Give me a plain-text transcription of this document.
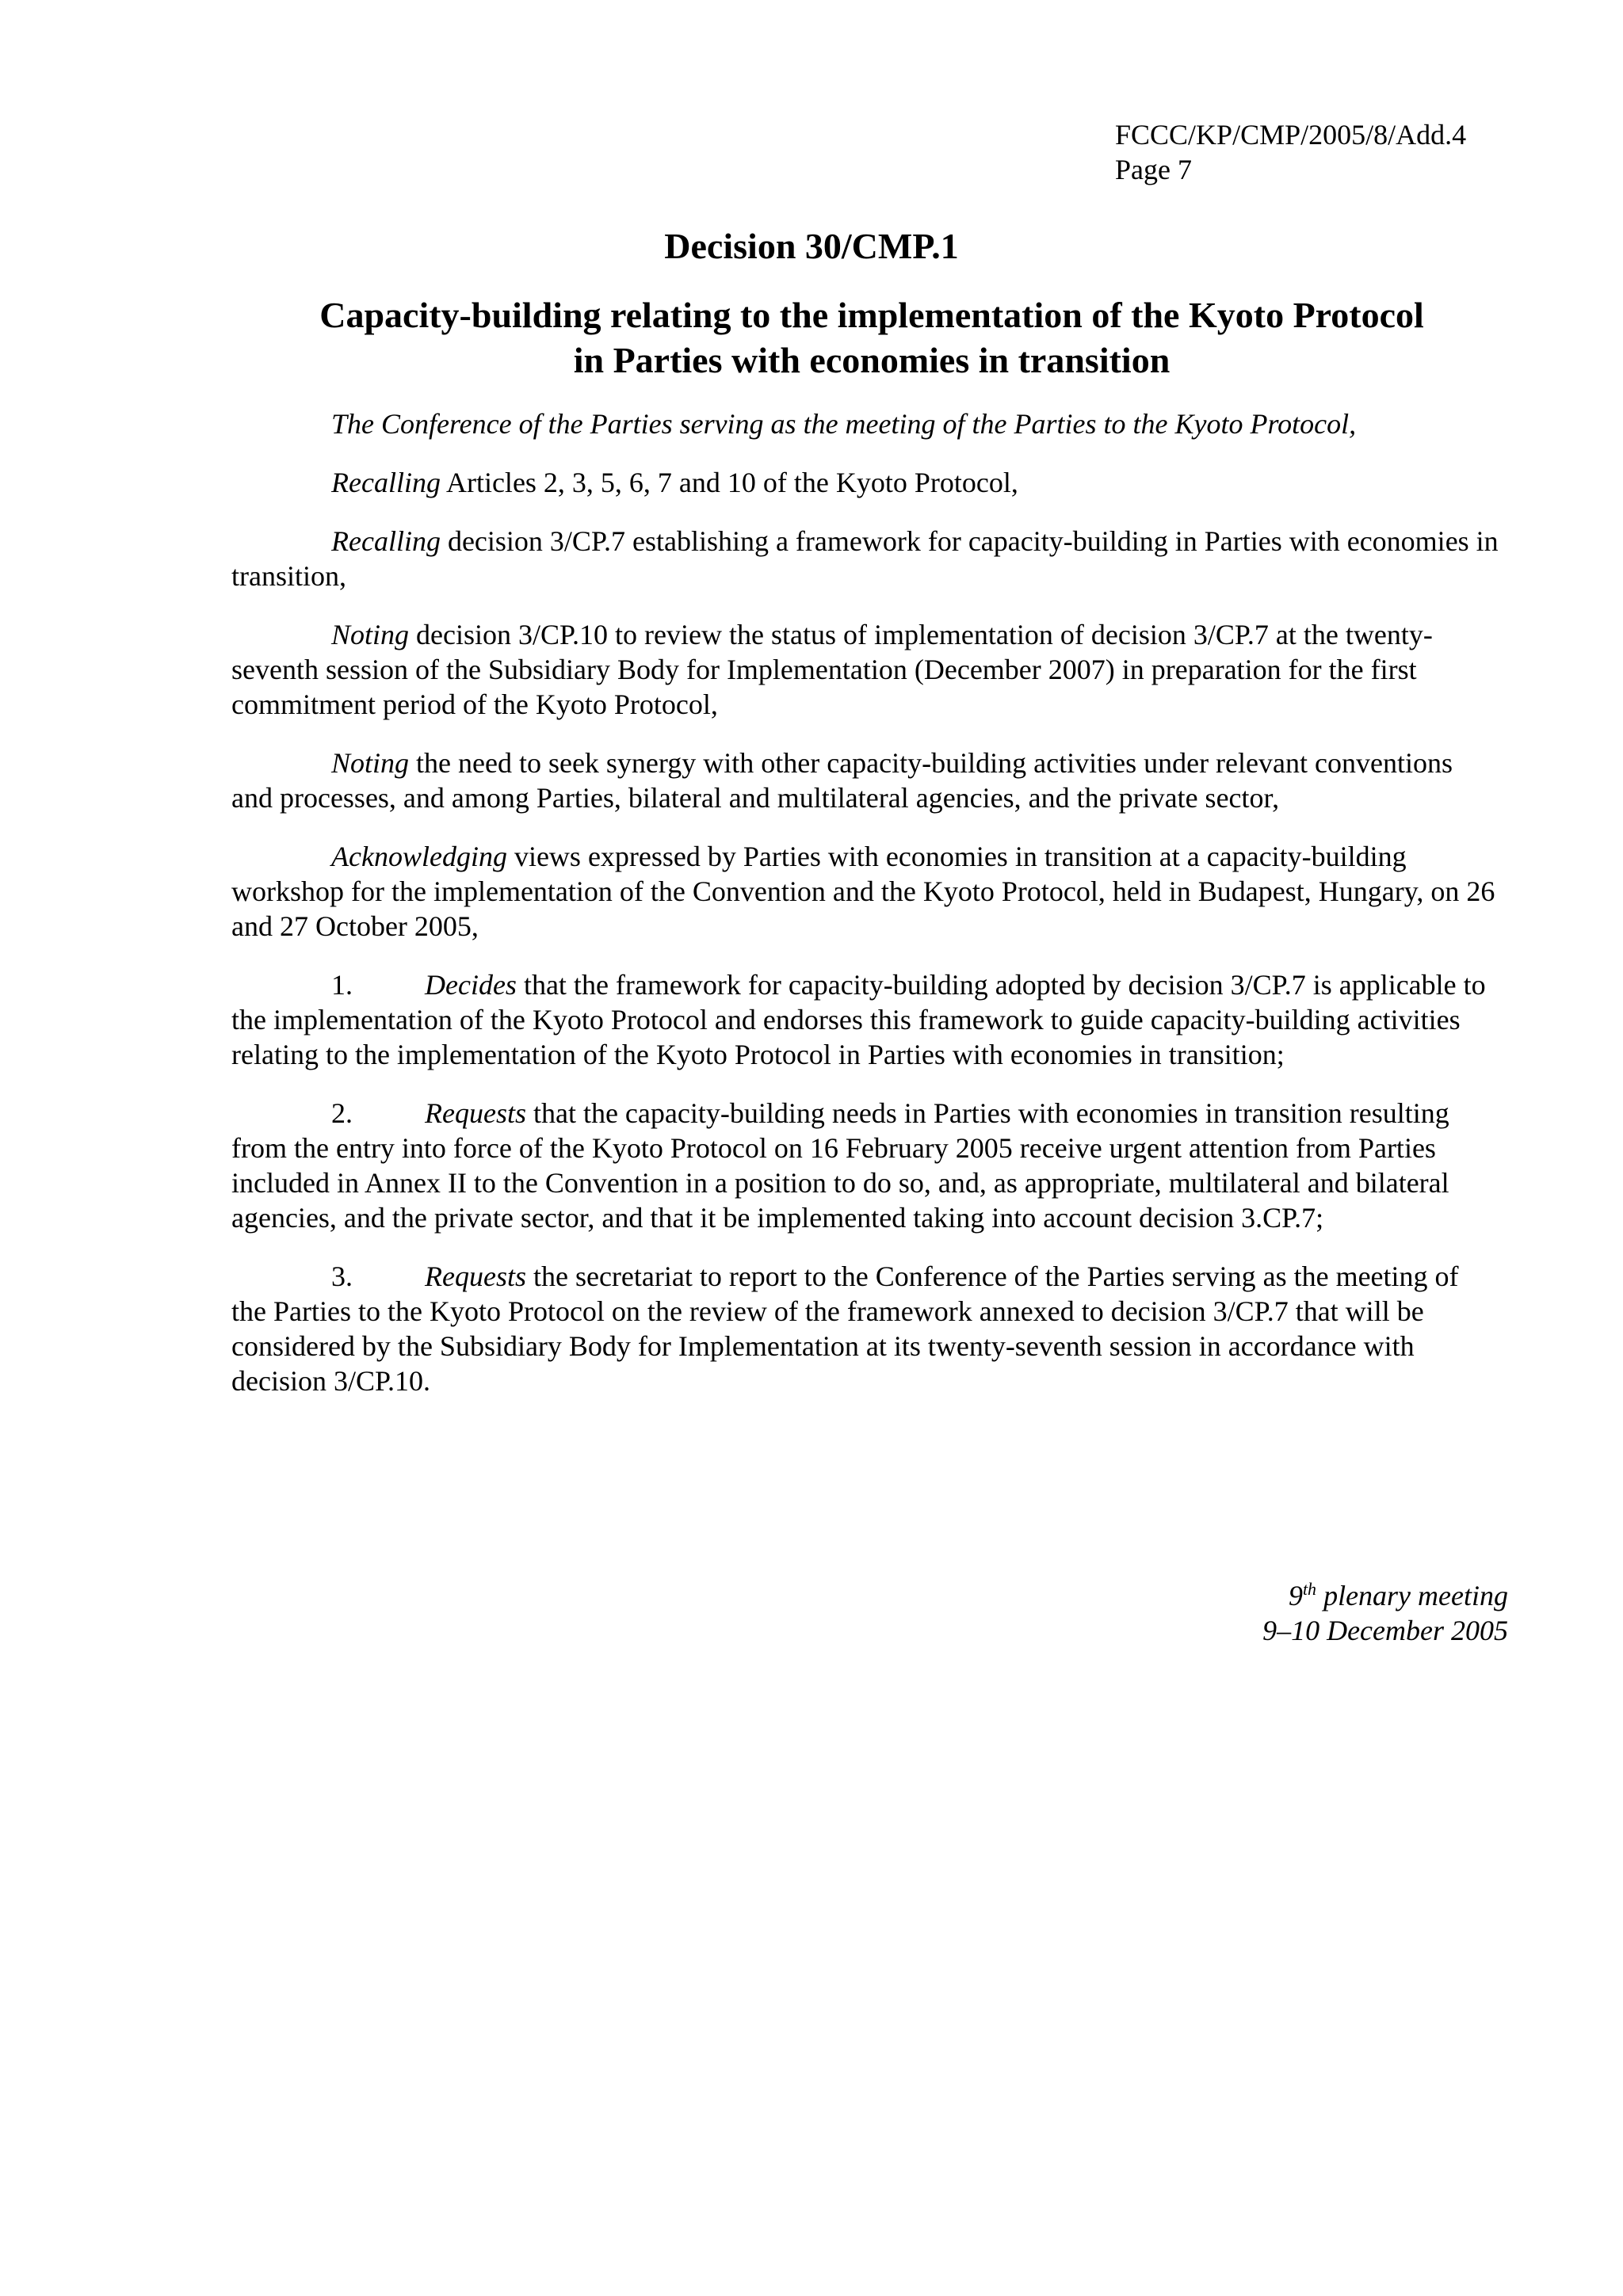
FCCC/KP/CMP/2005/8/Add.4
Page 7
Decision 30/CMP.1
Capacity-building relating to the implementation of the Kyoto Protocol
in Parties with economies in transition
The Conference of the Parties serving as the meeting of the Parties to the Kyoto Protocol,

Recalling Articles 2, 3, 5, 6, 7 and 10 of the Kyoto Protocol,

Recalling decision 3/CP.7 establishing a framework for capacity-building in Parties with economies in transition,

Noting decision 3/CP.10 to review the status of implementation of decision 3/CP.7 at the twenty-seventh session of the Subsidiary Body for Implementation (December 2007) in preparation for the first commitment period of the Kyoto Protocol,

Noting the need to seek synergy with other capacity-building activities under relevant conventions and processes, and among Parties, bilateral and multilateral agencies, and the private sector,

Acknowledging views expressed by Parties with economies in transition at a capacity-building workshop for the implementation of the Convention and the Kyoto Protocol, held in Budapest, Hungary, on 26 and 27 October 2005,

1.	Decides that the framework for capacity-building adopted by decision 3/CP.7 is applicable to the implementation of the Kyoto Protocol and endorses this framework to guide capacity-building activities relating to the implementation of the Kyoto Protocol in Parties with economies in transition;

2.	Requests that the capacity-building needs in Parties with economies in transition resulting from the entry into force of the Kyoto Protocol on 16 February 2005 receive urgent attention from Parties included in Annex II to the Convention in a position to do so, and, as appropriate, multilateral and bilateral agencies, and the private sector, and that it be implemented taking into account decision 3.CP.7;

3.	Requests the secretariat to report to the Conference of the Parties serving as the meeting of the Parties to the Kyoto Protocol on the review of the framework annexed to decision 3/CP.7 that will be considered by the Subsidiary Body for Implementation at its twenty-seventh session in accordance with decision 3/CP.10.

9th plenary meeting
9–10 December 2005
